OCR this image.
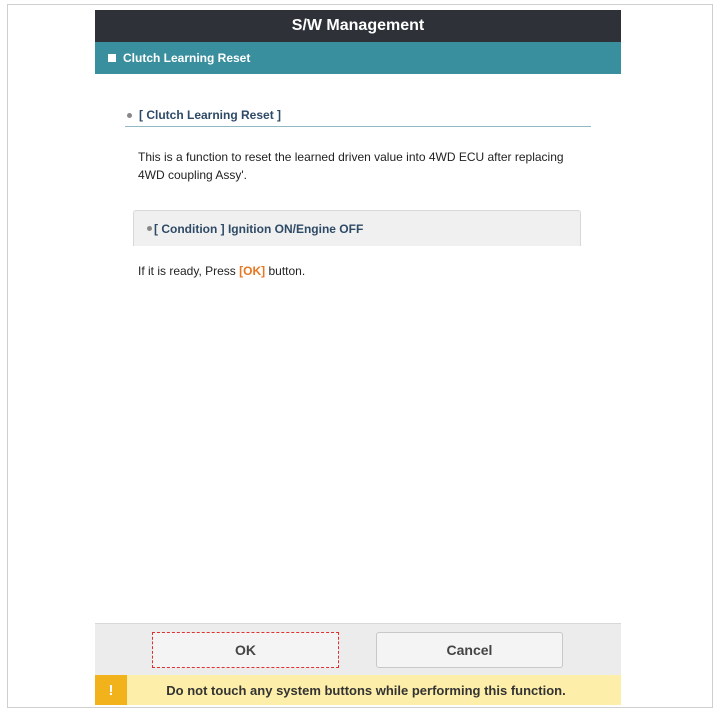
S/W Management
Clutch Learning Reset
[ Clutch Learning Reset ]
This is a function to reset the learned driven value into 4WD ECU after replacing 4WD coupling Assy'.
[ Condition ] Ignition ON/Engine OFF
If it is ready, Press [OK] button.
OK	Cancel
!	Do not touch any system buttons while performing this function.
